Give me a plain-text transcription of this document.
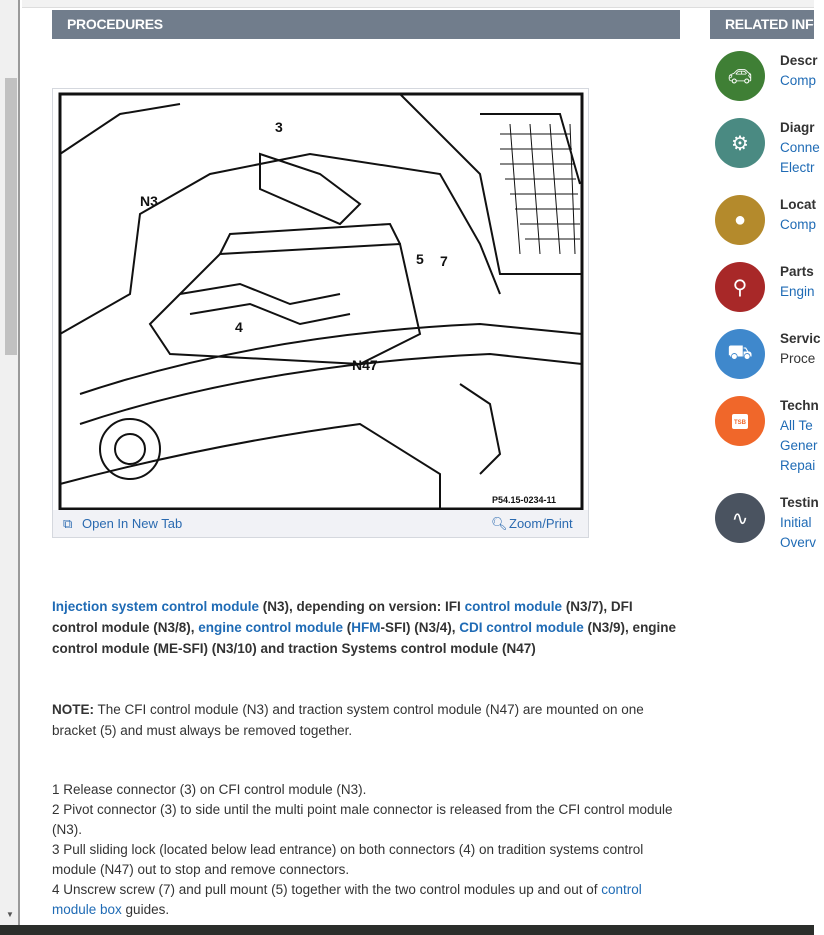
▼
PROCEDURES	RELATED INFO
3
N3
5 7
4
N47
P54.15-0234-11
⧉ Open In New Tab	🔍︎ Zoom/Print
Injection system control module (N3), depending on version: IFI control module (N3/7), DFI control module (N3/8), engine control module (HFM-SFI) (N3/4), CDI control module (N3/9), engine control module (ME-SFI) (N3/10) and traction Systems control module (N47)
NOTE: The CFI control module (N3) and traction system control module (N47) are mounted on one bracket (5) and must always be removed together.
1 Release connector (3) on CFI control module (N3).
2 Pivot connector (3) to side until the multi point male connector is released from the CFI control module (N3).
3 Pull sliding lock (located below lead entrance) on both connectors (4) on tradition systems control module (N47) out to stop and remove connectors.
4 Unscrew screw (7) and pull mount (5) together with the two control modules up and out of control module box guides.
🚗︎
Descr
Comp
⚙︎
Diagr
Conne
Electr
●
Locat
Comp
⚲
Parts
Engin
⛟
Servic
Proce
TSB
Techn
All Te
Gener
Repai
∿
Testin
Initial
Overv
